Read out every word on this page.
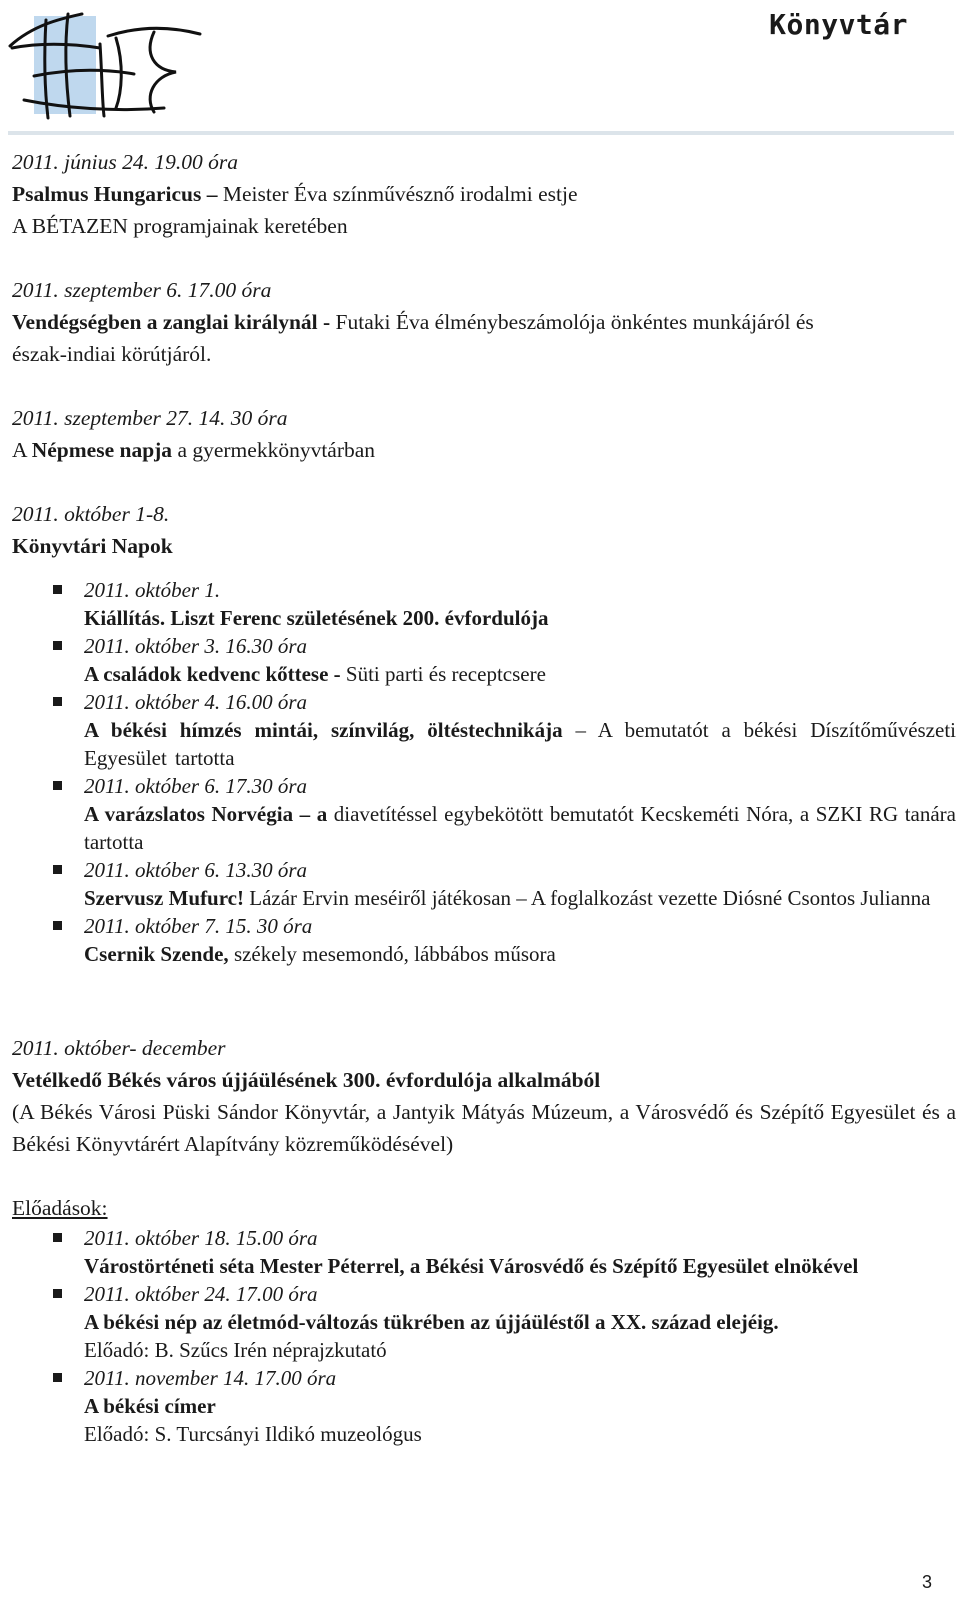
Könyvtár

2011. június 24. 19.00 óra

Psalmus Hungaricus – Meister Éva színművésznő irodalmi estje

A BÉTAZEN programjainak keretében

2011. szeptember 6. 17.00 óra

Vendégségben a zanglai királynál - Futaki Éva élménybeszámolója önkéntes munkájáról és

észak-indiai körútjáról.

2011. szeptember 27. 14. 30 óra

A Népmese napja a gyermekkönyvtárban

2011. október 1-8.

Könyvtári Napok

2011. október 1.
Kiállítás. Liszt Ferenc születésének 200. évfordulója
2011. október 3. 16.30 óra
A családok kedvenc kőttese - Süti parti és receptcsere
2011. október 4. 16.00 óra
A békési hímzés mintái, színvilág, öltéstechnikája – A bemutatót a békési Díszítőművészeti Egyesület tartotta
2011. október 6. 17.30 óra
A varázslatos Norvégia – a diavetítéssel egybekötött bemutatót Kecskeméti Nóra, a SZKI RG tanára tartotta
2011. október 6. 13.30 óra
Szervusz Mufurc! Lázár Ervin meséiről játékosan – A foglalkozást vezette Diósné Csontos Julianna
2011. október 7. 15. 30 óra
Csernik Szende, székely mesemondó, lábbábos műsora

2011. október- december

Vetélkedő Békés város újjáülésének 300. évfordulója alkalmából

(A Békés Városi Püski Sándor Könyvtár, a Jantyik Mátyás Múzeum, a Városvédő és Szépítő Egyesület és a Békési Könyvtárért Alapítvány közreműködésével)

Előadások:

2011. október 18. 15.00 óra
Várostörténeti séta Mester Péterrel, a Békési Városvédő és Szépítő Egyesület elnökével
2011. október 24. 17.00 óra
A békési nép az életmód-változás tükrében az újjáüléstől a XX. század elejéig.
Előadó: B. Szűcs Irén néprajzkutató
2011. november 14. 17.00 óra
A békési címer
Előadó: S. Turcsányi Ildikó muzeológus
3
